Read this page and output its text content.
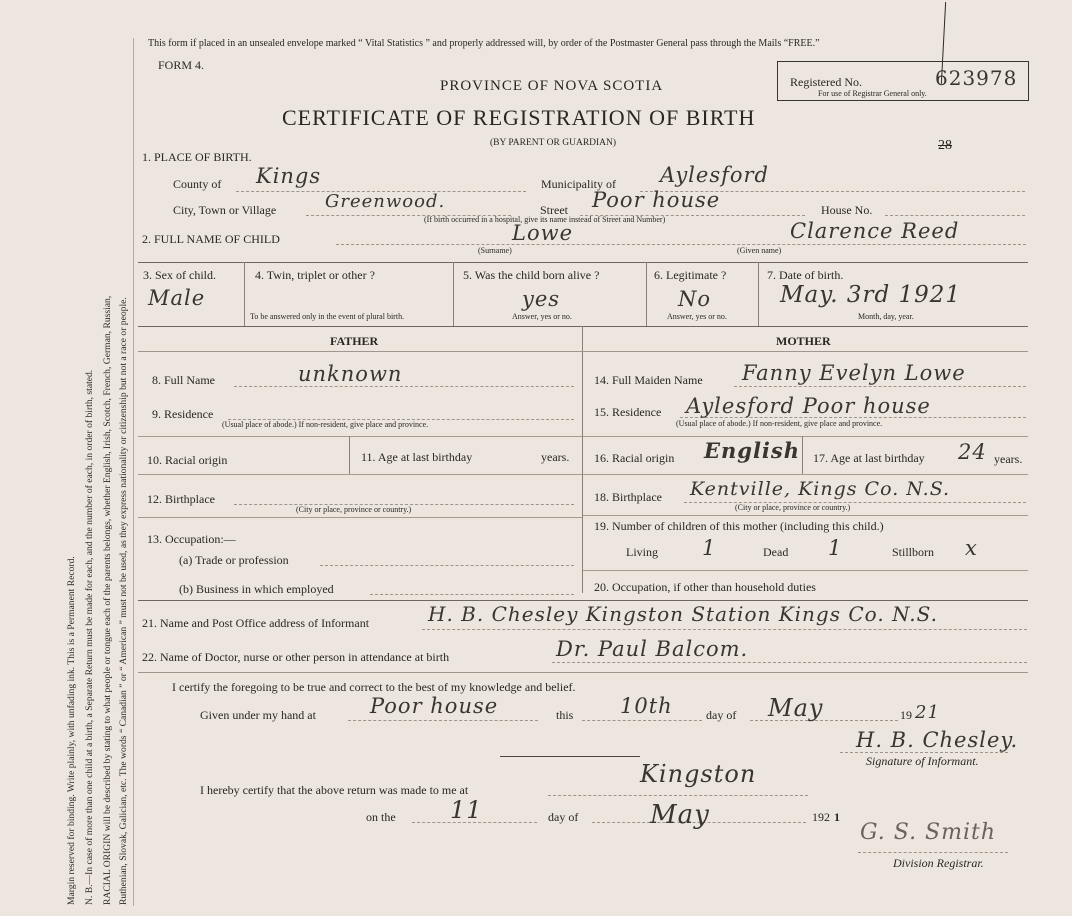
Margin reserved for binding. Write plainly, with unfading ink. This is a Permanent Record. N. B.—In case of more than one child at a birth, a Separate Return must be made for each, and the number of each, in order of birth, stated. RACIAL ORIGIN will be described by stating to what people or tongue each of the parents belongs, whether English, Irish, Scotch, French, German, Russian, Ruthenian, Slovak, Galician, etc. The words “ Canadian ” or “ American ” must not be used, as they express nationality or citizenship but not a race or people.
This form if placed in an unsealed envelope marked “ Vital Statistics ” and properly addressed will, by order of the Postmaster General pass through the Mails “FREE.”
FORM 4.
Registered No.	623978
For use of Registrar General only.
PROVINCE OF NOVA SCOTIA
CERTIFICATE OF REGISTRATION OF BIRTH
(BY PARENT OR GUARDIAN)	28
1. PLACE OF BIRTH.
County of Kings	Municipality of Aylesford
City, Town or Village	Greenwood.	Street Poor house	House No.
(If birth occurred in a hospital, give its name instead of Street and Number)
2. FULL NAME OF CHILD	Lowe	Clarence Reed
(Surname)	(Given name)
3. Sex of child.
Male
4. Twin, triplet or other ?
To be answered only in the event of plural birth.
5. Was the child born alive ?
yes
Answer, yes or no.
6. Legitimate ?
No
Answer, yes or no.
7. Date of birth.
May. 3rd 1921
Month, day, year.
FATHER	MOTHER
8. Full Name	unknown
9. Residence
(Usual place of abode.) If non-resident, give place and province.
10. Racial origin	11. Age at last birthday	years.
12. Birthplace
(City or place, province or country.)
13. Occupation:—
(a) Trade or profession
(b) Business in which employed
14. Full Maiden Name Fanny Evelyn Lowe
15. Residence Aylesford Poor house
(Usual place of abode.) If non-resident, give place and province.
16. Racial origin English 17. Age at last birthday 24 years.
18. Birthplace Kentville, Kings Co. N.S.
(City or place, province or country.)
19. Number of children of this mother (including this child.)
Living 1	Dead 1	Stillborn x
20. Occupation, if other than household duties
21. Name and Post Office address of Informant	H. B. Chesley Kingston Station Kings Co. N.S.
22. Name of Doctor, nurse or other person in attendance at birth	Dr. Paul Balcom.
I certify the foregoing to be true and correct to the best of my knowledge and belief.
Given under my hand at	Poor house	this 10th	day of May	19 21
H. B. Chesley.
Signature of Informant.
I hereby certify that the above return was made to me at
Kingston
on the 11	day of	May	192 1
G. S. Smith
Division Registrar.
